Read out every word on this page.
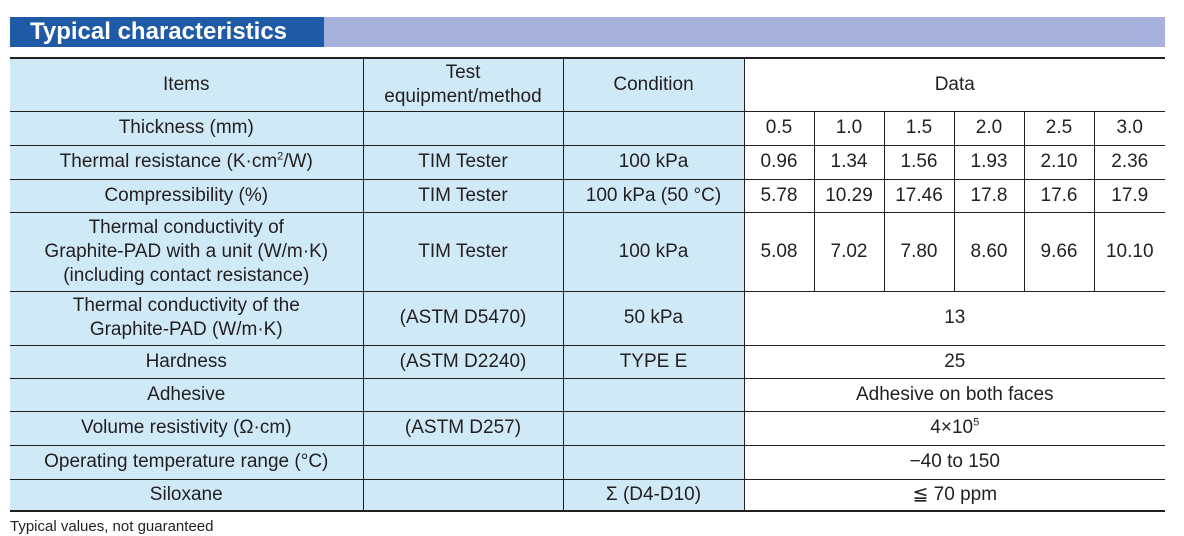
Typical characteristics
Items	Test
equipment/method	Condition	Data					
Thickness (mm)			0.5	1.0	1.5	2.0	2.5	3.0
Thermal resistance $(K\cdot cm^2/W)$	TIM Tester	100 kPa	0.96	1.34	1.56	1.93	2.10	2.36
Compressibility (%)	TIM Tester	100 kPa (50 °C)	5.78	10.29	17.46	17.8	17.6	17.9

Thermal conductivity of
Graphite-PAD with a unit (W/m·K)
(including contact resistance)	TIM Tester	100 kPa	5.08	7.02	7.80	8.60	9.66	10.10

Thermal conductivity of the
Graphite-PAD (W/m·K)	(ASTM D5470)	50 kPa	13					
Hardness	(ASTM D2240)	TYPE E	25					
Adhesive			Adhesive on both faces					
Volume resistivity (Ω·cm)	(ASTM D257)		$4\times 10^5$
Operating temperature range (°C)			−40 to 150					
Siloxane		Σ (D4-D10)	≦ 70 ppm					
Typical values, not guaranteed
